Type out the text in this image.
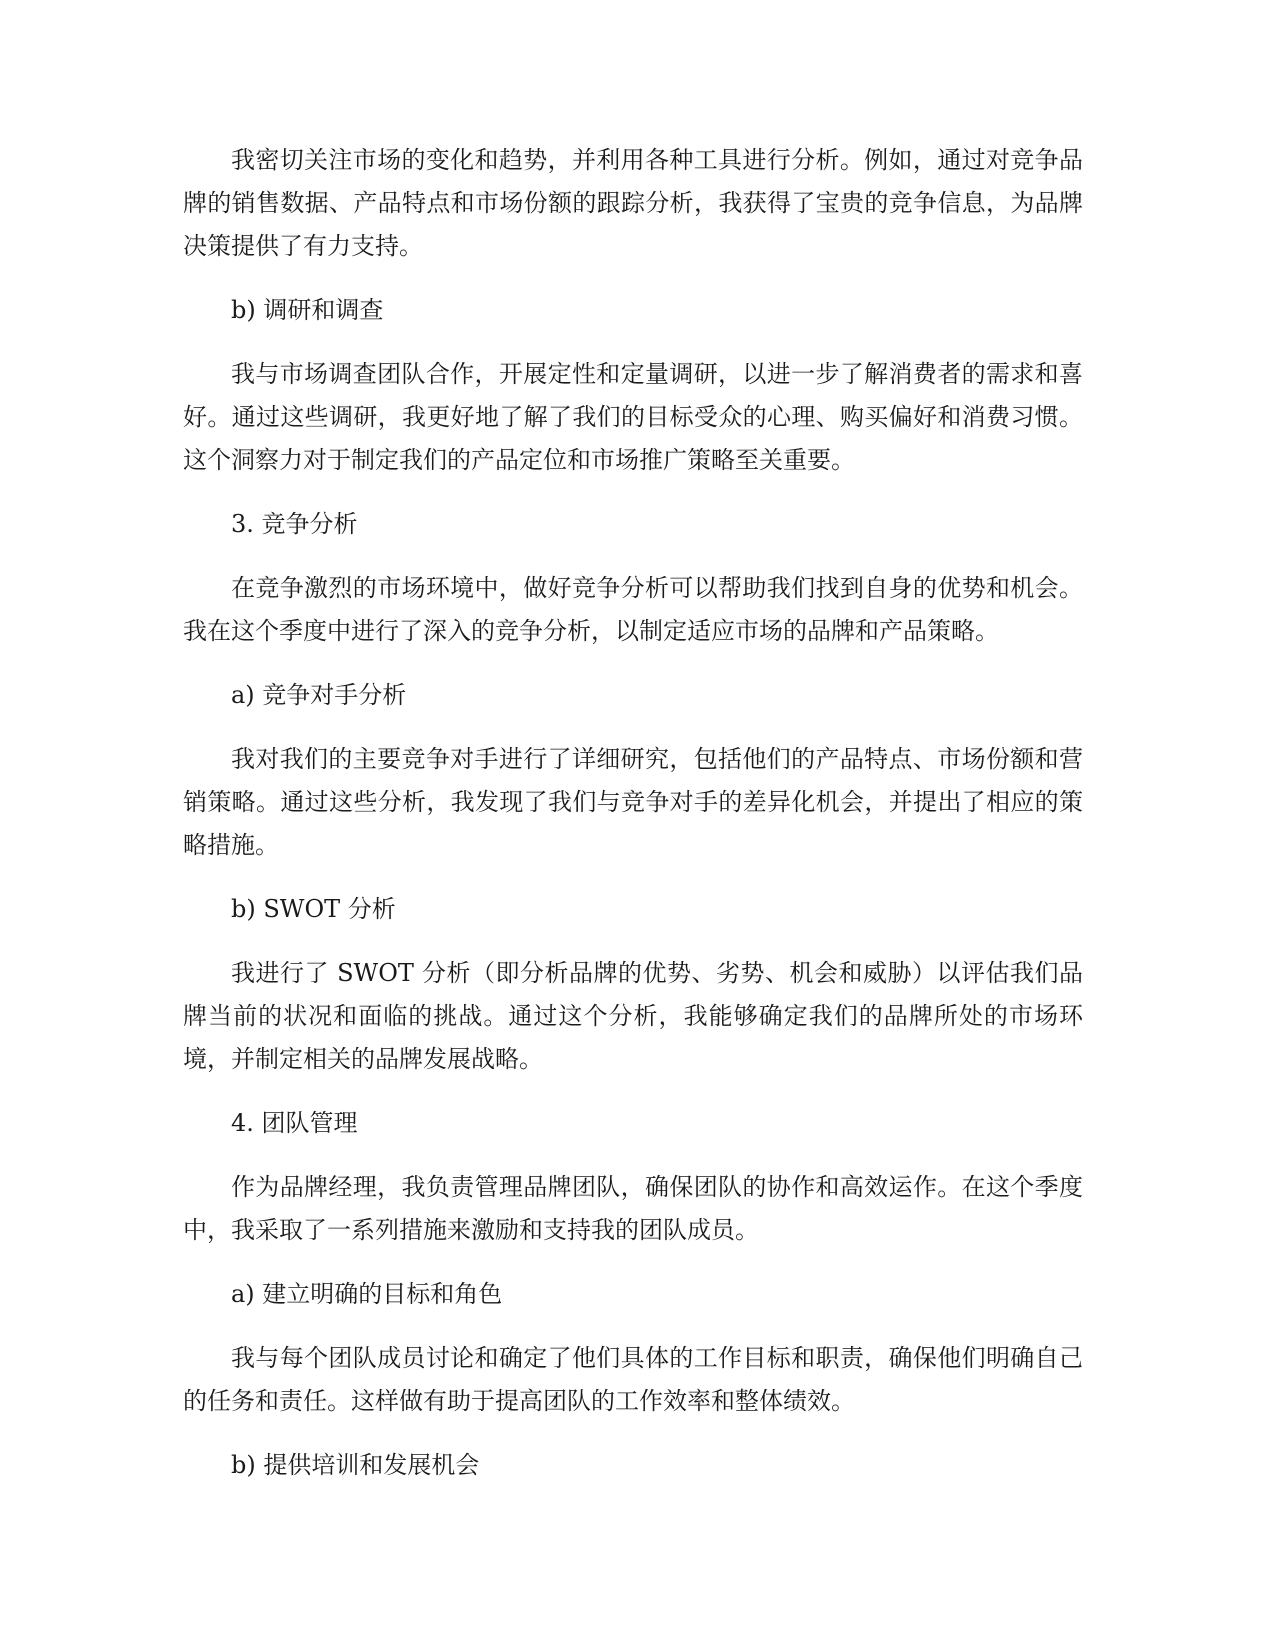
我密切关注市场的变化和趋势，并利用各种工具进行分析。例如，通过对竞争品牌的销售数据、产品特点和市场份额的跟踪分析，我获得了宝贵的竞争信息，为品牌决策提供了有力支持。

b) 调研和调查

我与市场调查团队合作，开展定性和定量调研，以进一步了解消费者的需求和喜好。通过这些调研，我更好地了解了我们的目标受众的心理、购买偏好和消费习惯。这个洞察力对于制定我们的产品定位和市场推广策略至关重要。

3. 竞争分析

在竞争激烈的市场环境中，做好竞争分析可以帮助我们找到自身的优势和机会。我在这个季度中进行了深入的竞争分析，以制定适应市场的品牌和产品策略。

a) 竞争对手分析

我对我们的主要竞争对手进行了详细研究，包括他们的产品特点、市场份额和营销策略。通过这些分析，我发现了我们与竞争对手的差异化机会，并提出了相应的策略措施。

b) SWOT 分析

我进行了 SWOT 分析（即分析品牌的优势、劣势、机会和威胁）以评估我们品牌当前的状况和面临的挑战。通过这个分析，我能够确定我们的品牌所处的市场环境，并制定相关的品牌发展战略。

4. 团队管理

作为品牌经理，我负责管理品牌团队，确保团队的协作和高效运作。在这个季度中，我采取了一系列措施来激励和支持我的团队成员。

a) 建立明确的目标和角色

我与每个团队成员讨论和确定了他们具体的工作目标和职责，确保他们明确自己的任务和责任。这样做有助于提高团队的工作效率和整体绩效。

b) 提供培训和发展机会
